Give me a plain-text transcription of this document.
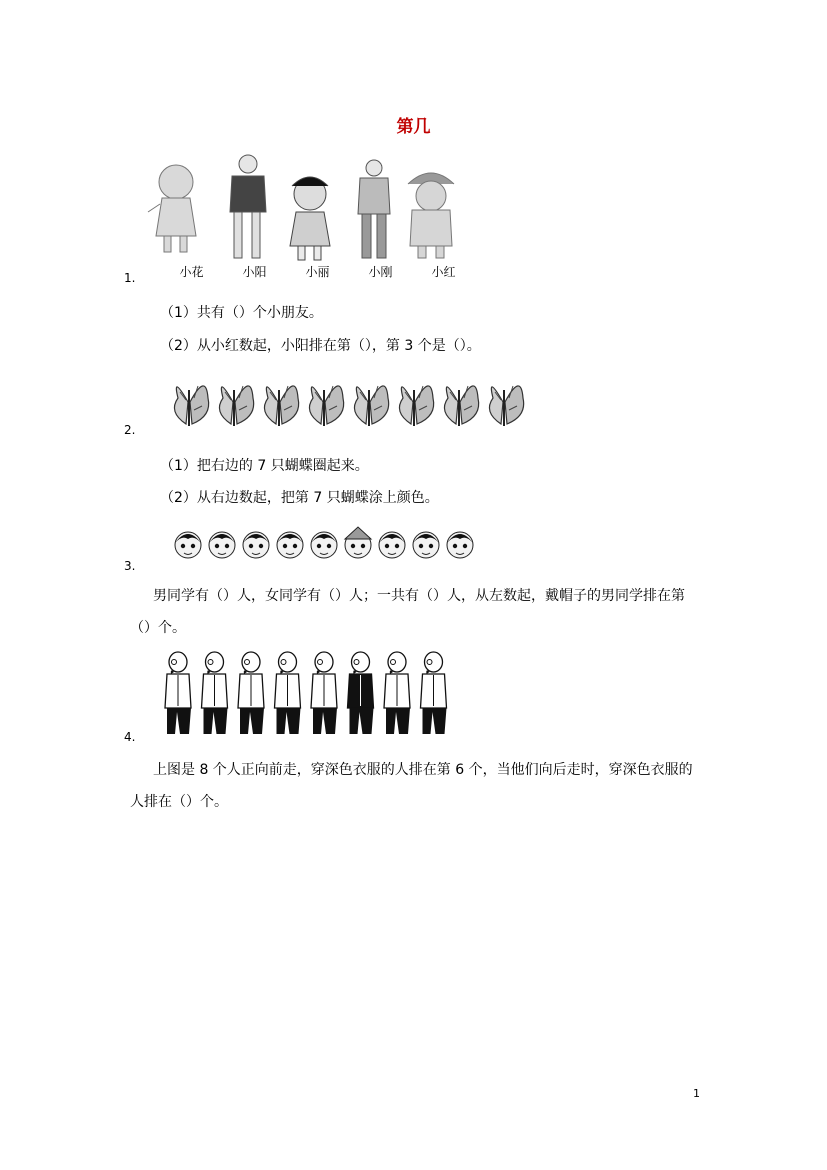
第几
小花	小阳	小丽	小刚	小红
1.
（1）共有（）个小朋友。
（2）从小红数起，小阳排在第（），第 3 个是（）。
2.
（1）把右边的 7 只蝴蝶圈起来。
（2）从右边数起，把第 7 只蝴蝶涂上颜色。
3.
男同学有（）人，女同学有（）人；一共有（）人，从左数起，戴帽子的男同学排在第
（）个。
4.
上图是 8 个人正向前走，穿深色衣服的人排在第 6 个，当他们向后走时，穿深色衣服的
人排在（）个。
1
